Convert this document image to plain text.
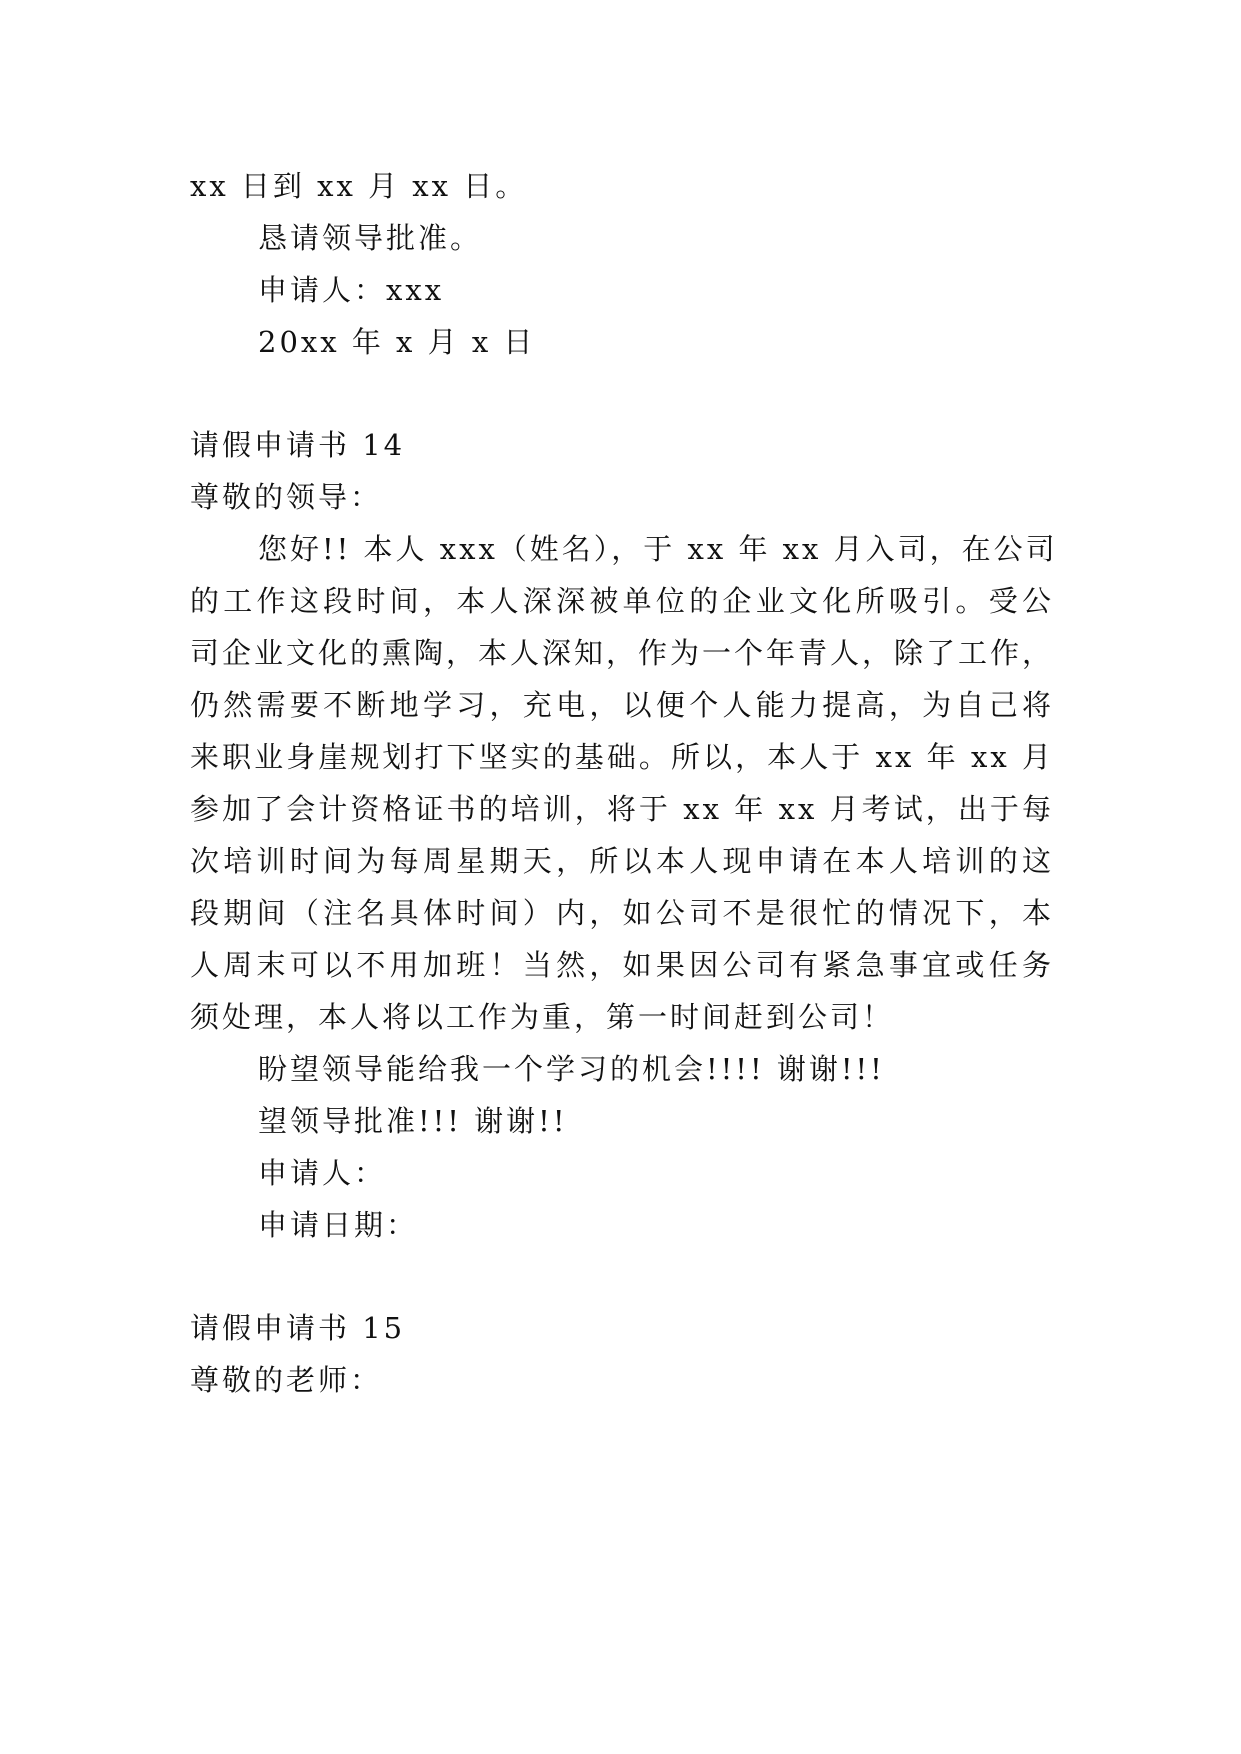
xx 日到 xx 月 xx 日。
恳请领导批准。
申请人：xxx
20xx 年 x 月 x 日
请假申请书 14
尊敬的领导：
您好!! 本人 xxx（姓名），于 xx 年 xx 月入司，在公司
的工作这段时间，本人深深被单位的企业文化所吸引。受公
司企业文化的熏陶，本人深知，作为一个年青人，除了工作，
仍然需要不断地学习，充电，以便个人能力提高，为自己将
来职业身崖规划打下坚实的基础。所以，本人于 xx 年 xx 月
参加了会计资格证书的培训，将于 xx 年 xx 月考试，出于每
次培训时间为每周星期天，所以本人现申请在本人培训的这
段期间（注名具体时间）内，如公司不是很忙的情况下，本
人周末可以不用加班！当然，如果因公司有紧急事宜或任务
须处理，本人将以工作为重，第一时间赶到公司！
盼望领导能给我一个学习的机会!!!! 谢谢!!!
望领导批准!!! 谢谢!!
申请人：
申请日期：
请假申请书 15
尊敬的老师：
